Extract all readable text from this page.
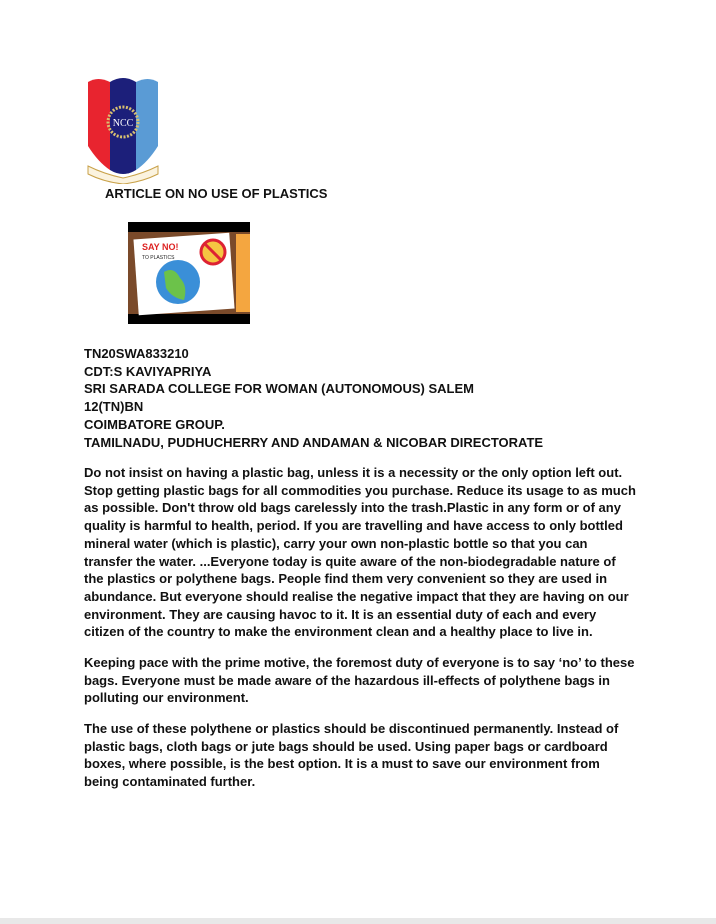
NCC
ARTICLE ON NO USE OF PLASTICS
SAY NO!
TO PLASTICS
TN20SWA833210
CDT:S KAVIYAPRIYA
SRI SARADA COLLEGE FOR WOMAN (AUTONOMOUS) SALEM
12(TN)BN
COIMBATORE GROUP.
TAMILNADU, PUDHUCHERRY AND ANDAMAN & NICOBAR DIRECTORATE
Do not insist on having a plastic bag, unless it is a necessity or the only option left out.
Stop getting plastic bags for all commodities you purchase. Reduce its usage to as much
as possible. Don't throw old bags carelessly into the trash.Plastic in any form or of any
quality is harmful to health, period. If you are travelling and have access to only bottled
mineral water (which is plastic), carry your own non-plastic bottle so that you can
transfer the water. ...Everyone today is quite aware of the non-biodegradable nature of
the plastics or polythene bags. People find them very convenient so they are used in
abundance. But everyone should realise the negative impact that they are having on our
environment. They are causing havoc to it. It is an essential duty of each and every
citizen of the country to make the environment clean and a healthy place to live in.
Keeping pace with the prime motive, the foremost duty of everyone is to say ‘no’ to these
bags. Everyone must be made aware of the hazardous ill-effects of polythene bags in
polluting our environment.
The use of these polythene or plastics should be discontinued permanently. Instead of
plastic bags, cloth bags or jute bags should be used. Using paper bags or cardboard
boxes, where possible, is the best option. It is a must to save our environment from
being contaminated further.
